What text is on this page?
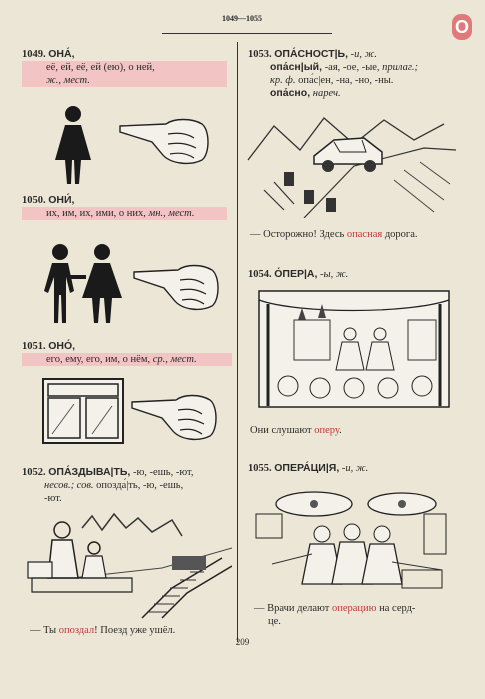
1049—1055	О
1049. ОНА́,
её, ей, её, ей (ею), о ней,
ж., мест.
1050. ОНИ́,
их, им, их, ими, о них, мн., мест.
1051. ОНО́,
его, ему, его, им, о нём, ср., мест.
1052. ОПА́ЗДЫВА|ТЬ, -ю, -ешь, -ют,
несов.; сов. опозда́|ть, -ю, -ешь,
-ют.
— Ты опоздал! Поезд уже ушёл.
1053. ОПА́СНОСТ|Ь, -и, ж.
опа́сн|ый, -ая, -ое, -ые, прилаг.;
кр. ф. опа́с|ен, -на, -но, -ны.
опа́сно, нареч.
— Осторожно! Здесь опасная дорога.
1054. О́ПЕР|А, -ы, ж.
Они слушают оперу.
1055. ОПЕРА́ЦИ|Я, -и, ж.
— Врачи делают операцию на серд-
це.
209
